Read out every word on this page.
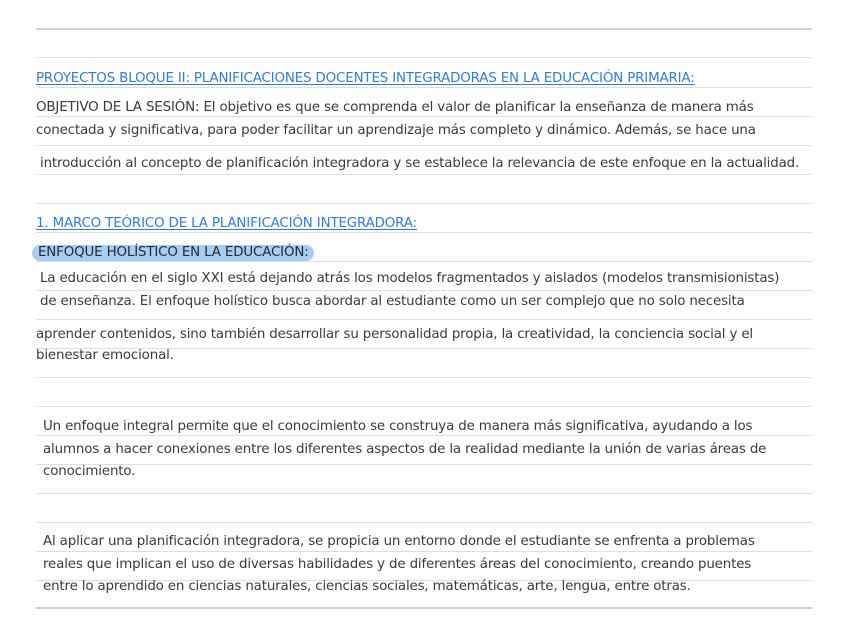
PROYECTOS BLOQUE II: PLANIFICACIONES DOCENTES INTEGRADORAS EN LA EDUCACIÓN PRIMARIA:
OBJETIVO DE LA SESIÓN: El objetivo es que se comprenda el valor de planificar la enseñanza de manera más
conectada y significativa, para poder facilitar un aprendizaje más completo y dinámico. Además, se hace una
introducción al concepto de planificación integradora y se establece la relevancia de este enfoque en la actualidad.
1. MARCO TEÓRICO DE LA PLANIFICACIÓN INTEGRADORA:
ENFOQUE HOLÍSTICO EN LA EDUCACIÓN:
La educación en el siglo XXI está dejando atrás los modelos fragmentados y aislados (modelos transmisionistas)
de enseñanza. El enfoque holístico busca abordar al estudiante como un ser complejo que no solo necesita
aprender contenidos, sino también desarrollar su personalidad propia, la creatividad, la conciencia social y el
bienestar emocional.
Un enfoque integral permite que el conocimiento se construya de manera más significativa, ayudando a los
alumnos a hacer conexiones entre los diferentes aspectos de la realidad mediante la unión de varias áreas de
conocimiento.
Al aplicar una planificación integradora, se propicia un entorno donde el estudiante se enfrenta a problemas
reales que implican el uso de diversas habilidades y de diferentes áreas del conocimiento, creando puentes
entre lo aprendido en ciencias naturales, ciencias sociales, matemáticas, arte, lengua, entre otras.
